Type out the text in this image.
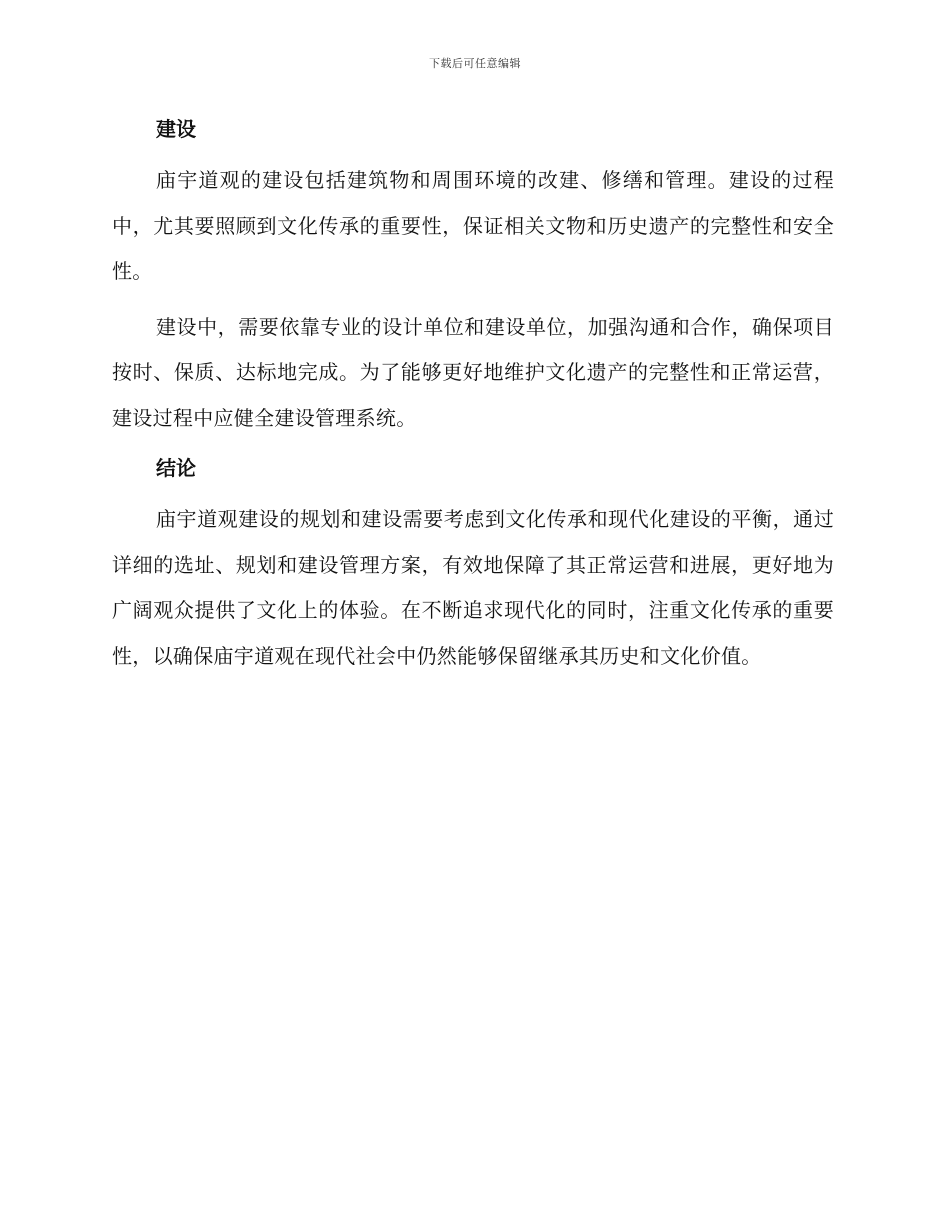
下载后可任意编辑
建设

庙宇道观的建设包括建筑物和周围环境的改建、修缮和管理。建设的过程中，尤其要照顾到文化传承的重要性，保证相关文物和历史遗产的完整性和安全性。

建设中，需要依靠专业的设计单位和建设单位，加强沟通和合作，确保项目按时、保质、达标地完成。为了能够更好地维护文化遗产的完整性和正常运营，建设过程中应健全建设管理系统。

结论

庙宇道观建设的规划和建设需要考虑到文化传承和现代化建设的平衡，通过详细的选址、规划和建设管理方案，有效地保障了其正常运营和进展，更好地为广阔观众提供了文化上的体验。在不断追求现代化的同时，注重文化传承的重要性，以确保庙宇道观在现代社会中仍然能够保留继承其历史和文化价值。
